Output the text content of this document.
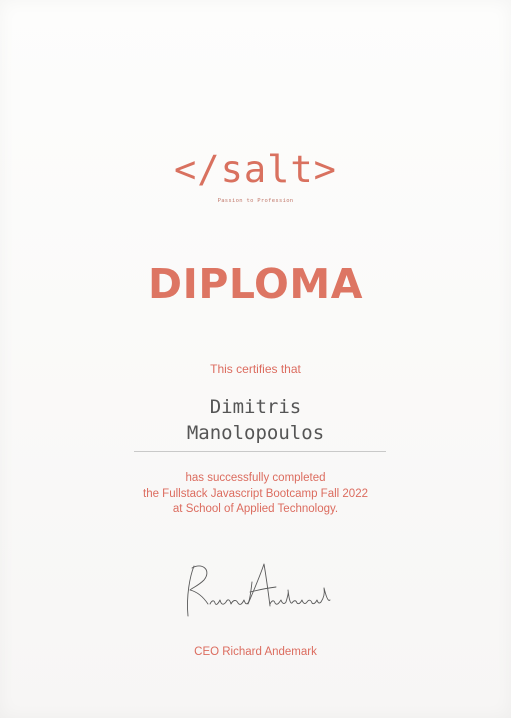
</salt>
Passion to Profession
DIPLOMA
This certifies that
Dimitris
Manolopoulos
has successfully completed
the Fullstack Javascript Bootcamp Fall 2022
at School of Applied Technology.
CEO Richard Andemark
